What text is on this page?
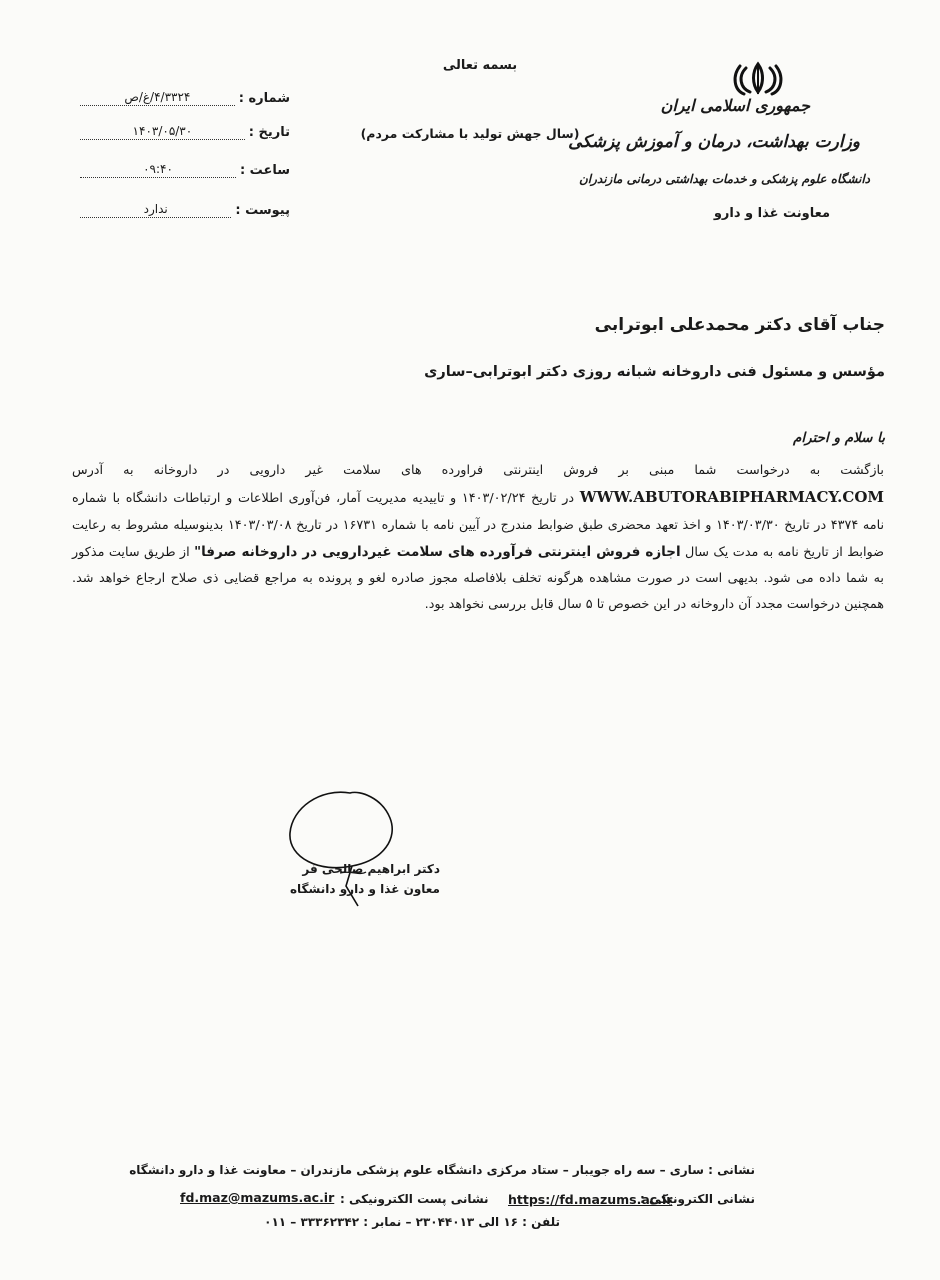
بسمه تعالی
(سال جهش تولید با مشارکت مردم)
جمهوری اسلامی ایران
وزارت بهداشت، درمان و آموزش پزشکی
دانشگاه علوم پزشکی و خدمات بهداشتی درمانی مازندران
معاونت غذا و دارو
شماره :
۴/۳۳۲۴/غ/ص
تاریخ :
۱۴۰۳/۰۵/۳۰
ساعت :
۰۹:۴۰
پیوست :
ندارد
جناب آقای دکتر محمدعلی ابوترابی
مؤسس و مسئول فنی داروخانه شبانه روزی دکتر ابوترابی–ساری
با سلام و احترام
بازگشت به درخواست شما مبنی بر فروش اینترنتی فراورده های سلامت غیر دارویی در داروخانه به آدرس WWW.ABUTORABIPHARMACY.COM در تاریخ ۱۴۰۳/۰۲/۲۴ و تاییدیه مدیریت آمار، فن‌آوری اطلاعات و ارتباطات دانشگاه با شماره نامه ۴۳۷۴ در تاریخ ۱۴۰۳/۰۳/۳۰ و اخذ تعهد محضری طبق ضوابط مندرج در آیین نامه با شماره ۱۶۷۳۱ در تاریخ ۱۴۰۳/۰۳/۰۸ بدینوسیله مشروط به رعایت ضوابط از تاریخ نامه به مدت یک سال اجازه فروش اینترنتی فرآورده های سلامت غیردارویی در داروخانه صرفا" از طریق سایت مذکور به شما داده می شود. بدیهی است در صورت مشاهده هرگونه تخلف بلافاصله مجوز صادره لغو و پرونده به مراجع قضایی ذی صلاح ارجاع خواهد شد. همچنین درخواست مجدد آن داروخانه در این خصوص تا ۵ سال قابل بررسی نخواهد بود.
دکتر ابراهیم صالحی فر
معاون غذا و دارو دانشگاه
نشانی : ساری – سه راه جویبار – ستاد مرکزی دانشگاه علوم پزشکی مازندران – معاونت غذا و دارو دانشگاه
نشانی الکترونیکی :
https://fd.mazums.ac.ir
نشانی پست الکترونیکی :
fd.maz@mazums.ac.ir
تلفن : ۱۶ الی ۲۳۰۴۴۰۱۳ – نمابر : ۳۳۳۶۲۳۴۲ – ۰۱۱
